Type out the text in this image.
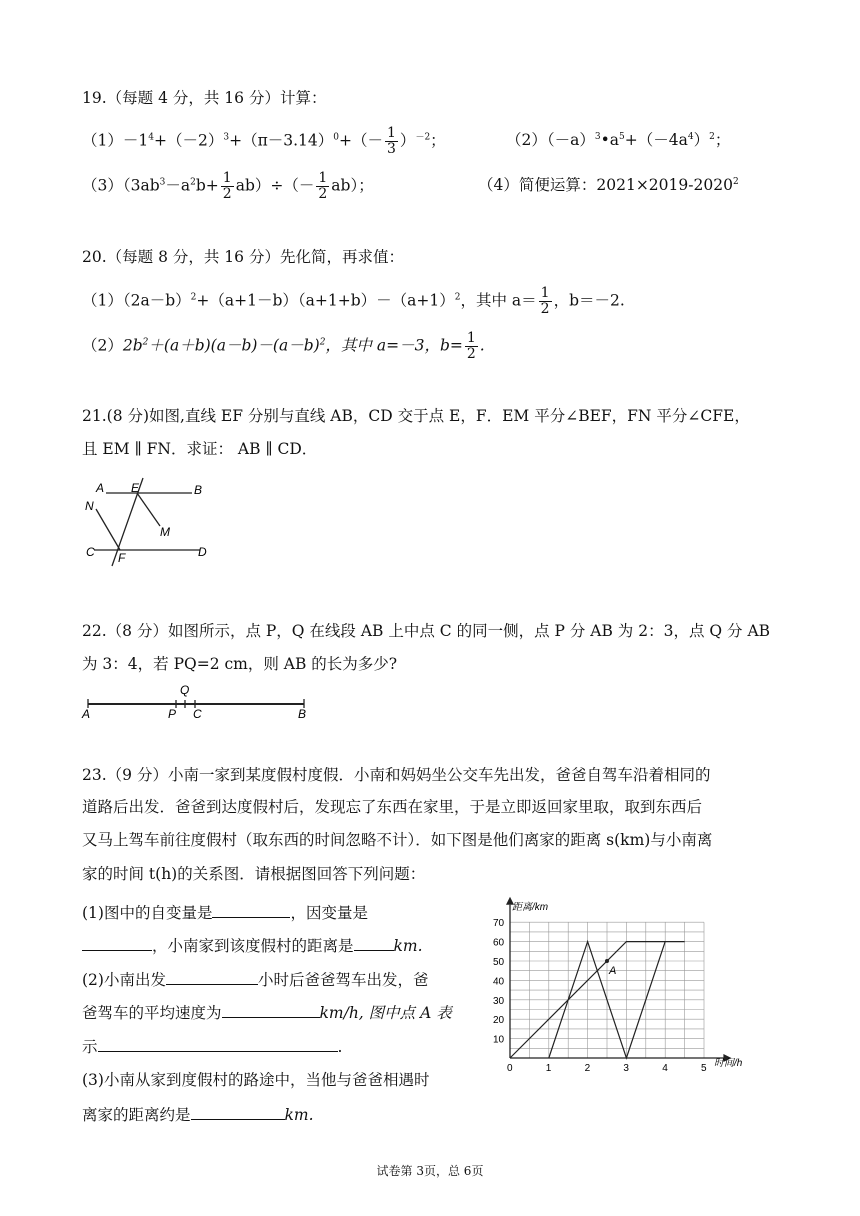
19.（每题 4 分，共 16 分）计算：
$(1)-1^4+(-2)^3+(\pi-3.14)^0+(- \frac{1}{3} )^{-2}$；	$(2)(-a)^3•a^5+(-4a^4)^2$；
$(3)(3ab^3-a^2b+ \frac{1}{2} ab)\div(- \frac{1}{2} ab)$；	（4）简便运算：$2021\times 2019-2020^2$
20.（每题 8 分，共 16 分）先化简，再求值：
$(1)(2a-b)^2+(a+1-b)(a+1+b)-(a+1)^2$，其中 $a= \frac{1}{2}$ ，b＝－2.
$(2)2b^2+(a+b)(a-b)-(a-b)^2$，其中 a=－3，$b= \frac{1}{2}$ .
21.(8 分)如图,直线 EF 分别与直线 AB，CD 交于点 E，F．EM 平分∠BEF，FN 平分∠CFE，
且 EM ∥ FN．求证： AB ∥ CD．
A E	B
N
M
C F	D
22.（8 分）如图所示，点 P，Q 在线段 AB 上中点 C 的同一侧，点 P 分 AB 为 2：3，点 Q 分 AB
为 3：4，若 PQ=2 cm，则 AB 的长为多少?
A	P
Q
C	B
23.（9 分）小南一家到某度假村度假．小南和妈妈坐公交车先出发，爸爸自驾车沿着相同的
道路后出发．爸爸到达度假村后，发现忘了东西在家里，于是立即返回家里取，取到东西后
又马上驾车前往度假村（取东西的时间忽略不计）．如下图是他们离家的距离 s(km)与小南离
家的时间 t(h)的关系图．请根据图回答下列问题：
(1)图中的自变量是	，因变量是
，小南家到该度假村的距离是	km.
(2)小南出发	小时后爸爸驾车出发，爸
爸驾车的平均速度为	km/h, 图中点 A 表
示	.
(3)小南从家到度假村的路途中，当他与爸爸相遇时
离家的距离约是	km.
0	1	2	3	4	5
10
20
30
40
50
60
70
A
距离/km
时间/h
试卷第 3页，总 6页
